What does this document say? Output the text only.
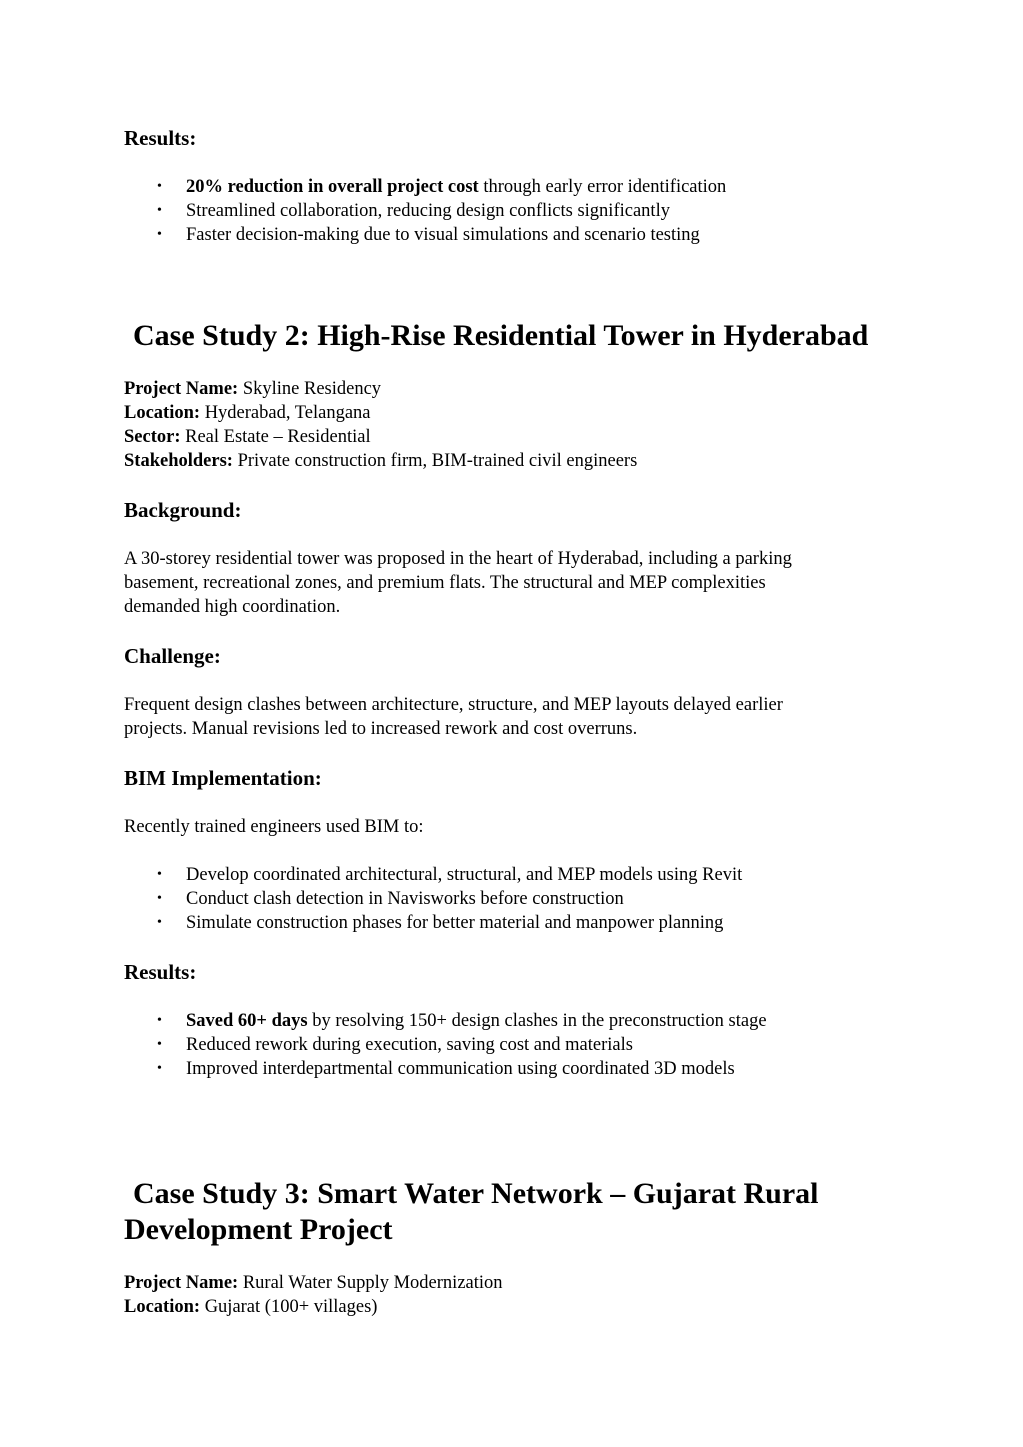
Results:
• 20% reduction in overall project cost through early error identification
• Streamlined collaboration, reducing design conflicts significantly
• Faster decision-making due to visual simulations and scenario testing
Case Study 2: High-Rise Residential Tower in Hyderabad
Project Name: Skyline Residency
Location: Hyderabad, Telangana
Sector: Real Estate – Residential
Stakeholders: Private construction firm, BIM-trained civil engineers
Background:
A 30-storey residential tower was proposed in the heart of Hyderabad, including a parking
basement, recreational zones, and premium flats. The structural and MEP complexities
demanded high coordination.
Challenge:
Frequent design clashes between architecture, structure, and MEP layouts delayed earlier
projects. Manual revisions led to increased rework and cost overruns.
BIM Implementation:
Recently trained engineers used BIM to:
• Develop coordinated architectural, structural, and MEP models using Revit
• Conduct clash detection in Navisworks before construction
• Simulate construction phases for better material and manpower planning
Results:
• Saved 60+ days by resolving 150+ design clashes in the preconstruction stage
• Reduced rework during execution, saving cost and materials
• Improved interdepartmental communication using coordinated 3D models
Case Study 3: Smart Water Network – Gujarat Rural
Development Project
Project Name: Rural Water Supply Modernization
Location: Gujarat (100+ villages)
